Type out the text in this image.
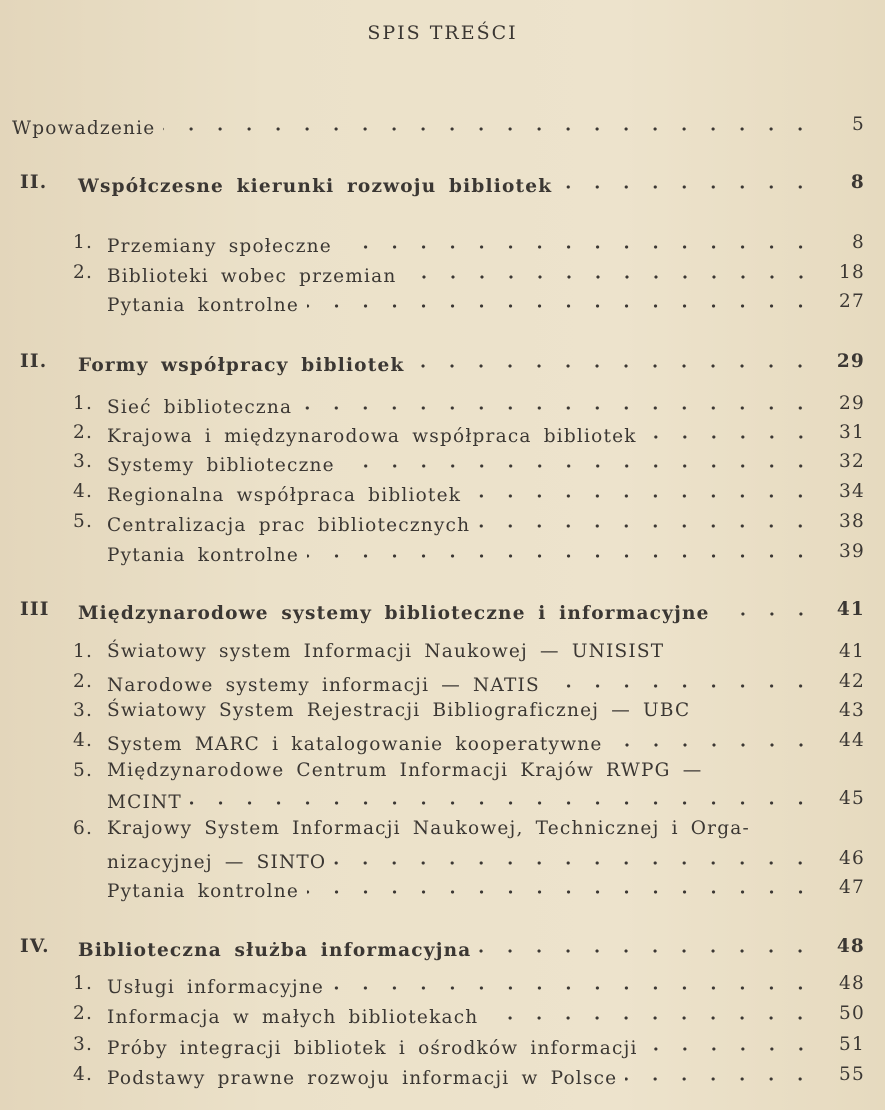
SPIS TREŚCI
Wpowadzenie	5
II. Współczesne kierunki rozwoju bibliotek	8
1. Przemiany społeczne	8
2. Biblioteki wobec przemian	18
Pytania kontrolne	27
II. Formy współpracy bibliotek	29
1. Sieć biblioteczna	29
2. Krajowa i międzynarodowa współpraca bibliotek	31
3. Systemy biblioteczne	32
4. Regionalna współpraca bibliotek	34
5. Centralizacja prac bibliotecznych	38
Pytania kontrolne	39
III Międzynarodowe systemy biblioteczne i informacyjne	41
1. Światowy system Informacji Naukowej — UNISIST	41
2. Narodowe systemy informacji — NATIS	42
3. Światowy System Rejestracji Bibliograficznej — UBC	43
4. System MARC i katalogowanie kooperatywne	44
5. Międzynarodowe Centrum Informacji Krajów RWPG —
MCINT	45
6. Krajowy System Informacji Naukowej, Technicznej i Orga-
nizacyjnej — SINTO	46
Pytania kontrolne	47
IV. Biblioteczna służba informacyjna	48
1. Usługi informacyjne	48
2. Informacja w małych bibliotekach	50
3. Próby integracji bibliotek i ośrodków informacji	51
4. Podstawy prawne rozwoju informacji w Polsce	55
